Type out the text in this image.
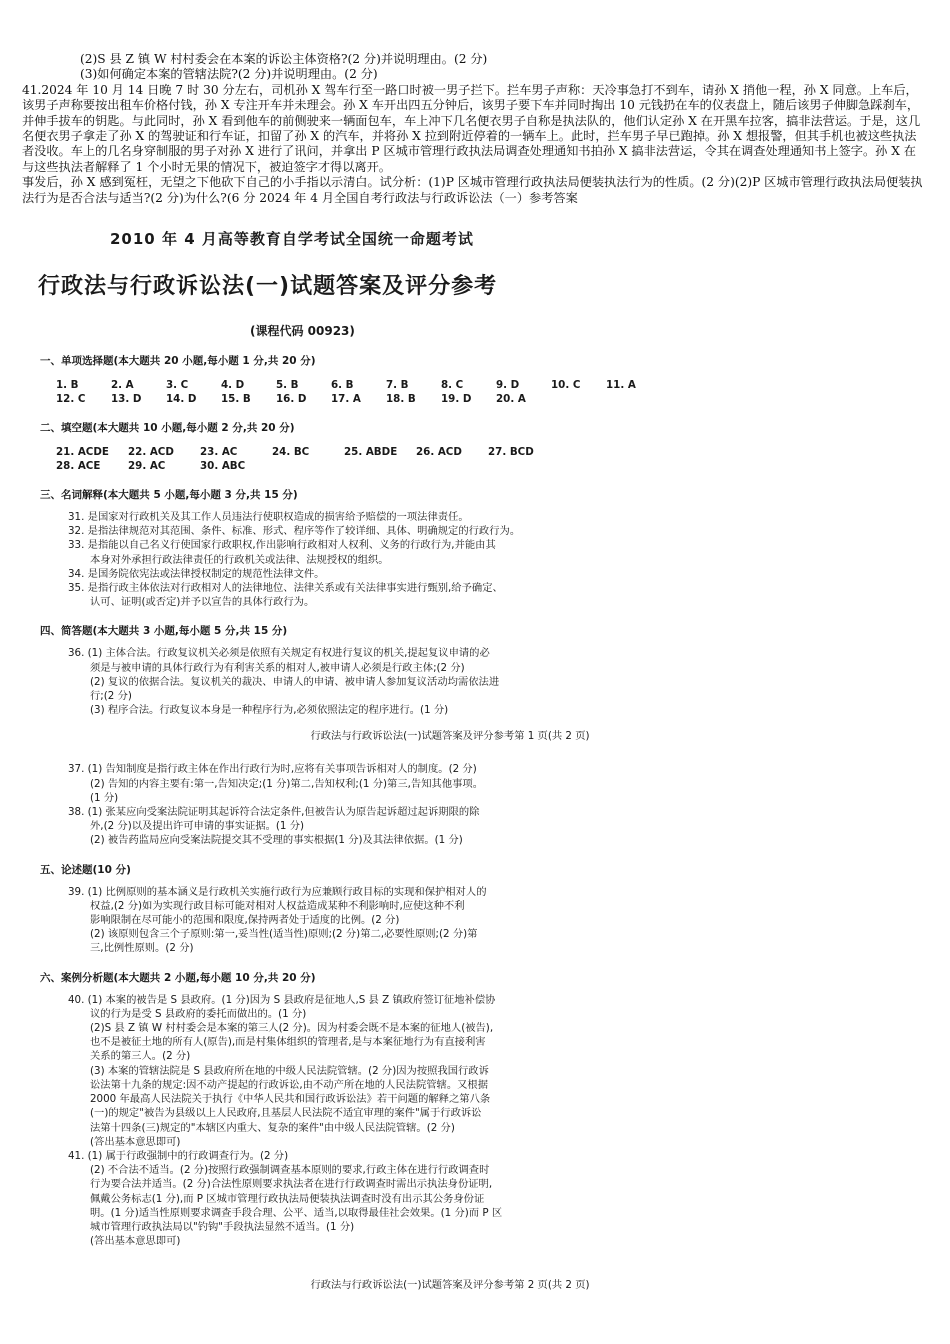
(2)S 县 Z 镇 W 村村委会在本案的诉讼主体资格?(2 分)并说明理由。(2 分)

(3)如何确定本案的管辖法院?(2 分)并说明理由。(2 分)

41.2024 年 10 月 14 日晚 7 时 30 分左右，司机孙 X 驾车行至一路口时被一男子拦下。拦车男子声称：天冷事急打不到车，请孙 X 捎他一程，孙 X 同意。上车后，该男子声称要按出租车价格付钱，孙 X 专注开车并未理会。孙 X 车开出四五分钟后，该男子要下车并同时掏出 10 元钱扔在车的仪表盘上，随后该男子伸脚急踩刹车，并伸手拔车的钥匙。与此同时，孙 X 看到他车的前侧驶来一辆面包车，车上冲下几名便衣男子自称是执法队的，他们认定孙 X 在开黑车拉客，搞非法营运。于是，这几名便衣男子拿走了孙 X 的驾驶证和行车证，扣留了孙 X 的汽车，并将孙 X 拉到附近停着的一辆车上。此时，拦车男子早已跑掉。孙 X 想报警，但其手机也被这些执法者没收。车上的几名身穿制服的男子对孙 X 进行了讯问，并拿出 P 区城市管理行政执法局调查处理通知书拍孙 X 搞非法营运，令其在调查处理通知书上签字。孙 X 在与这些执法者解释了 1 个小时无果的情况下，被迫签字才得以离开。

事发后，孙 X 感到冤枉，无望之下他砍下自己的小手指以示清白。试分析：(1)P 区城市管理行政执法局便装执法行为的性质。(2 分)(2)P 区城市管理行政执法局便装执法行为是否合法与适当?(2 分)为什么?(6 分 2024 年 4 月全国自考行政法与行政诉讼法（一）参考答案

2010 年 4 月高等教育自学考试全国统一命题考试
行政法与行政诉讼法(一)试题答案及评分参考
(课程代码 00923)
一、单项选择题(本大题共 20 小题,每小题 1 分,共 20 分)
1. B	2. A	3. C	4. D	5. B	6. B	7. B	8. C	9. D	10. C	11. A
12. C	13. D	14. D	15. B	16. D	17. A	18. B	19. D	20. A
二、填空题(本大题共 10 小题,每小题 2 分,共 20 分)
21. ACDE	22. ACD	23. AC	24. BC	25. ABDE	26. ACD	27. BCD
28. ACE	29. AC	30. ABC
三、名词解释(本大题共 5 小题,每小题 3 分,共 15 分)

31. 是国家对行政机关及其工作人员违法行使职权造成的损害给予赔偿的一项法律责任。

32. 是指法律规范对其范围、条件、标准、形式、程序等作了较详细、具体、明确规定的行政行为。

33. 是指能以自己名义行使国家行政职权,作出影响行政相对人权利、义务的行政行为,并能由其

本身对外承担行政法律责任的行政机关或法律、法规授权的组织。

34. 是国务院依宪法或法律授权制定的规范性法律文件。

35. 是指行政主体依法对行政相对人的法律地位、法律关系或有关法律事实进行甄别,给予确定、

认可、证明(或否定)并予以宣告的具体行政行为。

四、简答题(本大题共 3 小题,每小题 5 分,共 15 分)

36. (1) 主体合法。行政复议机关必须是依照有关规定有权进行复议的机关,提起复议申请的必

须是与被申请的具体行政行为有利害关系的相对人,被申请人必须是行政主体;(2 分)

(2) 复议的依据合法。复议机关的裁决、申请人的申请、被申请人参加复议活动均需依法进

行;(2 分)

(3) 程序合法。行政复议本身是一种程序行为,必须依照法定的程序进行。(1 分)

行政法与行政诉讼法(一)试题答案及评分参考第 1 页(共 2 页)

37. (1) 告知制度是指行政主体在作出行政行为时,应将有关事项告诉相对人的制度。(2 分)

(2) 告知的内容主要有:第一,告知决定;(1 分)第二,告知权利;(1 分)第三,告知其他事项。

(1 分)

38. (1) 张某应向受案法院证明其起诉符合法定条件,但被告认为原告起诉超过起诉期限的除

外,(2 分)以及提出许可申请的事实证据。(1 分)

(2) 被告药监局应向受案法院提交其不受理的事实根据(1 分)及其法律依据。(1 分)

五、论述题(10 分)

39. (1) 比例原则的基本涵义是行政机关实施行政行为应兼顾行政目标的实现和保护相对人的

权益,(2 分)如为实现行政目标可能对相对人权益造成某种不利影响时,应使这种不利

影响限制在尽可能小的范围和限度,保持两者处于适度的比例。(2 分)

(2) 该原则包含三个子原则:第一,妥当性(适当性)原则;(2 分)第二,必要性原则;(2 分)第

三,比例性原则。(2 分)

六、案例分析题(本大题共 2 小题,每小题 10 分,共 20 分)

40. (1) 本案的被告是 S 县政府。(1 分)因为 S 县政府是征地人,S 县 Z 镇政府签订征地补偿协

议的行为是受 S 县政府的委托而做出的。(1 分)

(2)S 县 Z 镇 W 村村委会是本案的第三人(2 分)。因为村委会既不是本案的征地人(被告),

也不是被征土地的所有人(原告),而是村集体组织的管理者,是与本案征地行为有直接利害

关系的第三人。(2 分)

(3) 本案的管辖法院是 S 县政府所在地的中级人民法院管辖。(2 分)因为按照我国行政诉

讼法第十九条的规定:因不动产提起的行政诉讼,由不动产所在地的人民法院管辖。又根据

2000 年最高人民法院关于执行《中华人民共和国行政诉讼法》若干问题的解释之第八条

(一)的规定"被告为县级以上人民政府,且基层人民法院不适宜审理的案件"属于行政诉讼

法第十四条(三)规定的"本辖区内重大、复杂的案件"由中级人民法院管辖。(2 分)

(答出基本意思即可)

41. (1) 属于行政强制中的行政调查行为。(2 分)

(2) 不合法不适当。(2 分)按照行政强制调查基本原则的要求,行政主体在进行行政调查时

行为要合法并适当。(2 分)合法性原则要求执法者在进行行政调查时需出示执法身份证明,

佩戴公务标志(1 分),而 P 区城市管理行政执法局便装执法调查时没有出示其公务身份证

明。(1 分)适当性原则要求调查手段合理、公平、适当,以取得最佳社会效果。(1 分)而 P 区

城市管理行政执法局以"钓钩"手段执法显然不适当。(1 分)

(答出基本意思即可)

行政法与行政诉讼法(一)试题答案及评分参考第 2 页(共 2 页)
